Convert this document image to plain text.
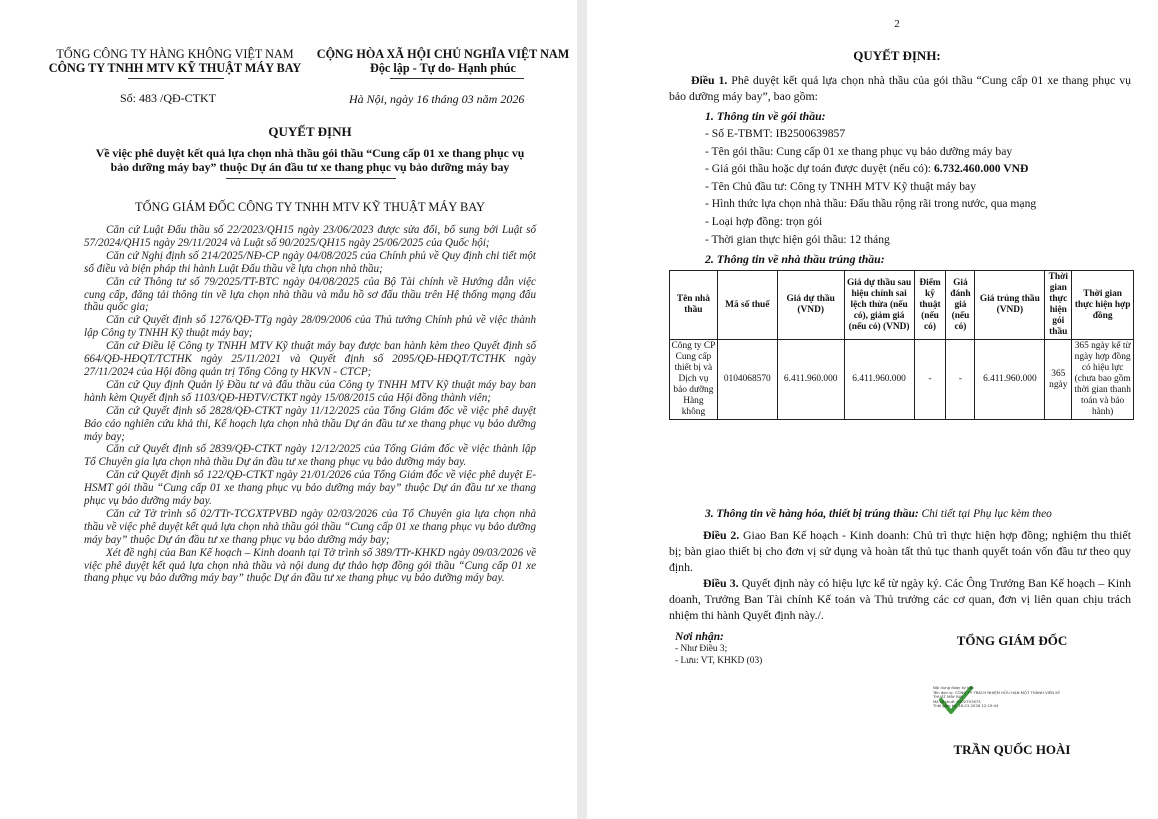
TỔNG CÔNG TY HÀNG KHÔNG VIỆT NAM
CÔNG TY TNHH MTV KỸ THUẬT MÁY BAY
CỘNG HÒA XÃ HỘI CHỦ NGHĨA VIỆT NAM
Độc lập - Tự do- Hạnh phúc
Số: 483 /QĐ-CTKT	Hà Nội, ngày 16 tháng 03 năm 2026
QUYẾT ĐỊNH
Về việc phê duyệt kết quả lựa chọn nhà thầu gói thầu “Cung cấp 01 xe thang phục vụ
bảo dưỡng máy bay” thuộc Dự án đầu tư xe thang phục vụ bảo dưỡng máy bay
TỔNG GIÁM ĐỐC CÔNG TY TNHH MTV KỸ THUẬT MÁY BAY

Căn cứ Luật Đấu thầu số 22/2023/QH15 ngày 23/06/2023 được sửa đổi, bổ sung bởi Luật số 57/2024/QH15 ngày 29/11/2024 và Luật số 90/2025/QH15 ngày 25/06/2025 của Quốc hội;

Căn cứ Nghị định số 214/2025/NĐ-CP ngày 04/08/2025 của Chính phủ về Quy định chi tiết một số điều và biện pháp thi hành Luật Đấu thầu về lựa chọn nhà thầu;

Căn cứ Thông tư số 79/2025/TT-BTC ngày 04/08/2025 của Bộ Tài chính về Hướng dẫn việc cung cấp, đăng tải thông tin về lựa chọn nhà thầu và mẫu hồ sơ đấu thầu trên Hệ thống mạng đấu thầu quốc gia;

Căn cứ Quyết định số 1276/QĐ-TTg ngày 28/09/2006 của Thủ tướng Chính phủ về việc thành lập Công ty TNHH Kỹ thuật máy bay;

Căn cứ Điều lệ Công ty TNHH MTV Kỹ thuật máy bay được ban hành kèm theo Quyết định số 664/QĐ-HĐQT/TCTHK ngày 25/11/2021 và Quyết định số 2095/QĐ-HĐQT/TCTHK ngày 27/11/2024 của Hội đồng quản trị Tổng Công ty HKVN - CTCP;

Căn cứ Quy định Quản lý Đầu tư và đấu thầu của Công ty TNHH MTV Kỹ thuật máy bay ban hành kèm Quyết định số 1103/QĐ-HĐTV/CTKT ngày 15/08/2015 của Hội đồng thành viên;

Căn cứ Quyết định số 2828/QĐ-CTKT ngày 11/12/2025 của Tổng Giám đốc về việc phê duyệt Báo cáo nghiên cứu khả thi, Kế hoạch lựa chọn nhà thầu Dự án đầu tư xe thang phục vụ bảo dưỡng máy bay;

Căn cứ Quyết định số 2839/QĐ-CTKT ngày 12/12/2025 của Tổng Giám đốc về việc thành lập Tổ Chuyên gia lựa chọn nhà thầu Dự án đầu tư xe thang phục vụ bảo dưỡng máy bay.

Căn cứ Quyết định số 122/QĐ-CTKT ngày 21/01/2026 của Tổng Giám đốc về việc phê duyệt E-HSMT gói thầu “Cung cấp 01 xe thang phục vụ bảo dưỡng máy bay” thuộc Dự án đầu tư xe thang phục vụ bảo dưỡng máy bay.

Căn cứ Tờ trình số 02/TTr-TCGXTPVBD ngày 02/03/2026 của Tổ Chuyên gia lựa chọn nhà thầu về việc phê duyệt kết quả lựa chọn nhà thầu gói thầu “Cung cấp 01 xe thang phục vụ bảo dưỡng máy bay” thuộc Dự án đầu tư xe thang phục vụ bảo dưỡng máy bay;

Xét đề nghị của Ban Kế hoạch – Kinh doanh tại Tờ trình số 389/TTr-KHKD ngày 09/03/2026 về việc phê duyệt kết quả lựa chọn nhà thầu và nội dung dự thảo hợp đồng gói thầu “Cung cấp 01 xe thang phục vụ bảo dưỡng máy bay” thuộc Dự án đầu tư xe thang phục vụ bảo dưỡng máy bay.

2
QUYẾT ĐỊNH:
Điều 1. Phê duyệt kết quả lựa chọn nhà thầu của gói thầu “Cung cấp 01 xe thang phục vụ bảo dưỡng máy bay”, bao gồm:
1. Thông tin về gói thầu:
- Số E-TBMT: IB2500639857
- Tên gói thầu: Cung cấp 01 xe thang phục vụ bảo dưỡng máy bay
- Giá gói thầu hoặc dự toán được duyệt (nếu có): 6.732.460.000 VNĐ
- Tên Chủ đầu tư: Công ty TNHH MTV Kỹ thuật máy bay
- Hình thức lựa chọn nhà thầu: Đấu thầu rộng rãi trong nước, qua mạng
- Loại hợp đồng: trọn gói
- Thời gian thực hiện gói thầu: 12 tháng
2. Thông tin về nhà thầu trúng thầu:
Tên nhà thầu	Mã số thuế	Giá dự thầu (VND)	Giá dự thầu sau hiệu chỉnh sai lệch thừa (nếu có), giảm giá (nếu có) (VND)	Điểm kỹ thuật (nếu có)	Giá đánh giá (nếu có)	Giá trúng thầu (VND)	Thời gian thực hiện gói thầu	Thời gian thực hiện hợp đồng
Công ty CP Cung cấp thiết bị và Dịch vụ bảo dưỡng Hàng không	0104068570	6.411.960.000	6.411.960.000	-	-	6.411.960.000	365 ngày	365 ngày kể từ ngày hợp đồng có hiệu lực (chưa bao gồm thời gian thanh toán và bảo hành)
3. Thông tin về hàng hóa, thiết bị trúng thầu: Chi tiết tại Phụ lục kèm theo
Điều 2. Giao Ban Kế hoạch - Kinh doanh: Chủ trì thực hiện hợp đồng; nghiệm thu thiết bị; bàn giao thiết bị cho đơn vị sử dụng và hoàn tất thủ tục thanh quyết toán vốn đầu tư theo quy định.
Điều 3. Quyết định này có hiệu lực kể từ ngày ký. Các Ông Trưởng Ban Kế hoạch – Kinh doanh, Trưởng Ban Tài chính Kế toán và Thủ trưởng các cơ quan, đơn vị liên quan chịu trách nhiệm thi hành Quyết định này./.
Nơi nhận:
- Như Điều 3;
- Lưu: VT, KHKD (03)
TỔNG GIÁM ĐỐC
Nội dung được ký bởi:
Tên đơn vị: CÔNG TY TRÁCH NHIỆM HỮU HẠN MỘT THÀNH VIÊN KỸ THUẬT MÁY BAY
Mã số thuế: 0102797873
Thời gian ký: 16-03-2026 12:19:44
TRẦN QUỐC HOÀI
